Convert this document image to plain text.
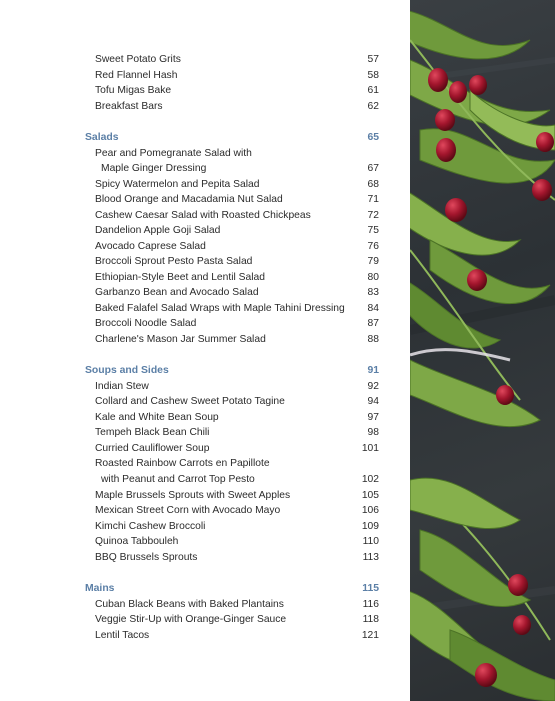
Sweet Potato Grits	57
Red Flannel Hash	58
Tofu Migas Bake	61
Breakfast Bars	62
Salads	65
Pear and Pomegranate Salad with
Maple Ginger Dressing	67
Spicy Watermelon and Pepita Salad	68
Blood Orange and Macadamia Nut Salad	71
Cashew Caesar Salad with Roasted Chickpeas	72
Dandelion Apple Goji Salad	75
Avocado Caprese Salad	76
Broccoli Sprout Pesto Pasta Salad	79
Ethiopian-Style Beet and Lentil Salad	80
Garbanzo Bean and Avocado Salad	83
Baked Falafel Salad Wraps with Maple Tahini Dressing 84
Broccoli Noodle Salad	87
Charlene's Mason Jar Summer Salad	88
Soups and Sides	91
Indian Stew	92
Collard and Cashew Sweet Potato Tagine	94
Kale and White Bean Soup	97
Tempeh Black Bean Chili	98
Curried Cauliflower Soup	101
Roasted Rainbow Carrots en Papillote
with Peanut and Carrot Top Pesto	102
Maple Brussels Sprouts with Sweet Apples	105
Mexican Street Corn with Avocado Mayo	106
Kimchi Cashew Broccoli	109
Quinoa Tabbouleh	110
BBQ Brussels Sprouts	113
Mains	115
Cuban Black Beans with Baked Plantains	116
Veggie Stir-Up with Orange-Ginger Sauce	118
Lentil Tacos	121
